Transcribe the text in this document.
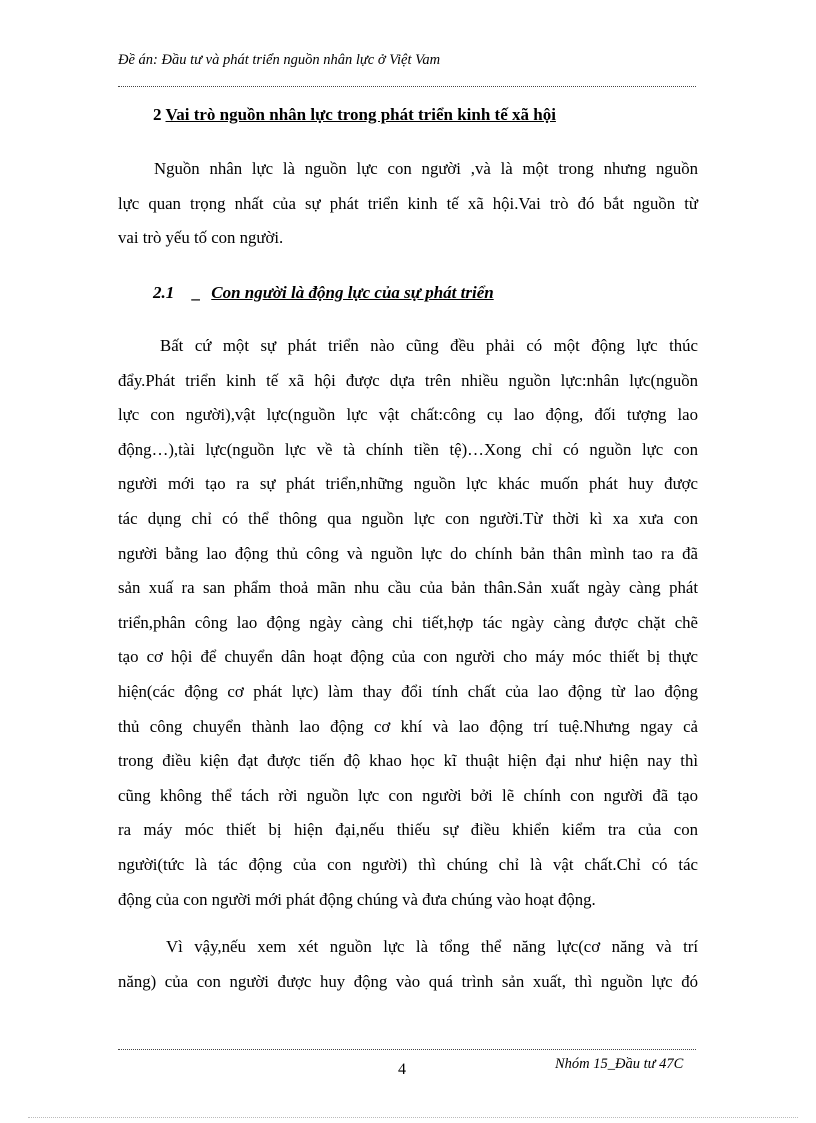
Đề án: Đầu tư và phát triển nguồn nhân lực ở Việt Vam
2 Vai trò nguồn nhân lực trong phát triển kinh tế xã hội
Nguồn nhân lực là nguồn lực con người ,và là một trong nhưng nguồn
lực quan trọng nhất của sự phát triển kinh tế xã hội.Vai trò đó bắt nguồn từ
vai trò yếu tố con người.
2.1 _ Con người là động lực của sự phát triển
Bất cứ một sự phát triển nào cũng đều phải có một động lực thúc
đẩy.Phát triển kinh tế xã hội được dựa trên nhiều nguồn lực:nhân lực(nguồn
lực con người),vật lực(nguồn lực vật chất:công cụ lao động, đối tượng lao
động…),tài lực(nguồn lực về tà chính tiền tệ)…Xong chỉ có nguồn lực con
người mới tạo ra sự phát triển,những nguồn lực khác muốn phát huy được
tác dụng chỉ có thể thông qua nguồn lực con người.Từ thời kì xa xưa con
người bằng lao động thủ công và nguồn lực do chính bản thân mình tao ra đã
sản xuấ ra san phẩm thoả mãn nhu cầu của bản thân.Sản xuất ngày càng phát
triển,phân công lao động ngày càng chi tiết,hợp tác ngày càng được chặt chẽ
tạo cơ hội để chuyển dân hoạt động của con người cho máy móc thiết bị thực
hiện(các động cơ phát lực) làm thay đổi tính chất của lao động từ lao động
thủ công chuyển thành lao động cơ khí và lao động trí tuệ.Nhưng ngay cả
trong điều kiện đạt được tiến độ khao học kĩ thuật hiện đại như hiện nay thì
cũng không thể tách rời nguồn lực con người bởi lẽ chính con người đã tạo
ra máy móc thiết bị hiện đại,nếu thiếu sự điều khiển kiểm tra của con
người(tức là tác động của con người) thì chúng chỉ là vật chất.Chỉ có tác
động của con người mới phát động chúng và đưa chúng vào hoạt động.
Vì vậy,nếu xem xét nguồn lực là tổng thể năng lực(cơ năng và trí
năng) của con người được huy động vào quá trình sản xuất, thì nguồn lực đó
4	Nhóm 15_Đầu tư 47C
